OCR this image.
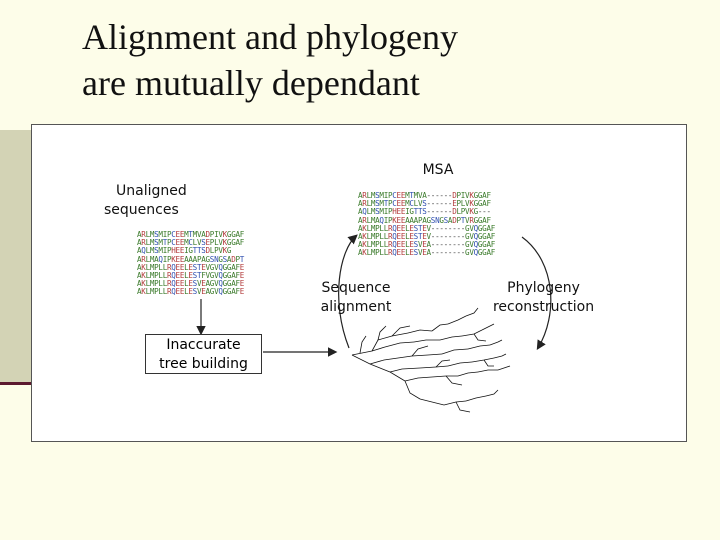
Alignment and phylogeny
are mutually dependant
MSA
Unaligned
sequences
ARLMSMIPCEEMTMVADPIVKGGAF
ARLMSMTPCEEMCLVSEPLVKGGAF
AQLMSMIPHEEIGTTSDLPVKG
ARLMAQIPKEEAAAPAGSNGSADPT
AKLMPLLRQEELESTEVGVQGGAFE
AKLMPLLRQEELESTFVGVQGGAFE
AKLMPLLRQEELESVEAGVQGGAFE
AKLMPLLRQEELESVEAGVQGGAFE
ARLMSMIPCEEMTMVA------DPIVKGGAF
ARLMSMTPCEEMCLVS------EPLVKGGAF
AQLMSMIPHEEIGTTS------DLPVKG---
ARLMAQIPKEEAAAPAGSNGSADPTVRGGAF
AKLMPLLRQEELESTEV--------GVQGGAF
AKLMPLLRQEELESTEV--------GVQGGAF
AKLMPLLRQEELESVEA--------GVQGGAF
AKLMPLLRQEELESVEA--------GVQGGAF
Sequence
alignment
Phylogeny
reconstruction
Inaccurate
tree building
